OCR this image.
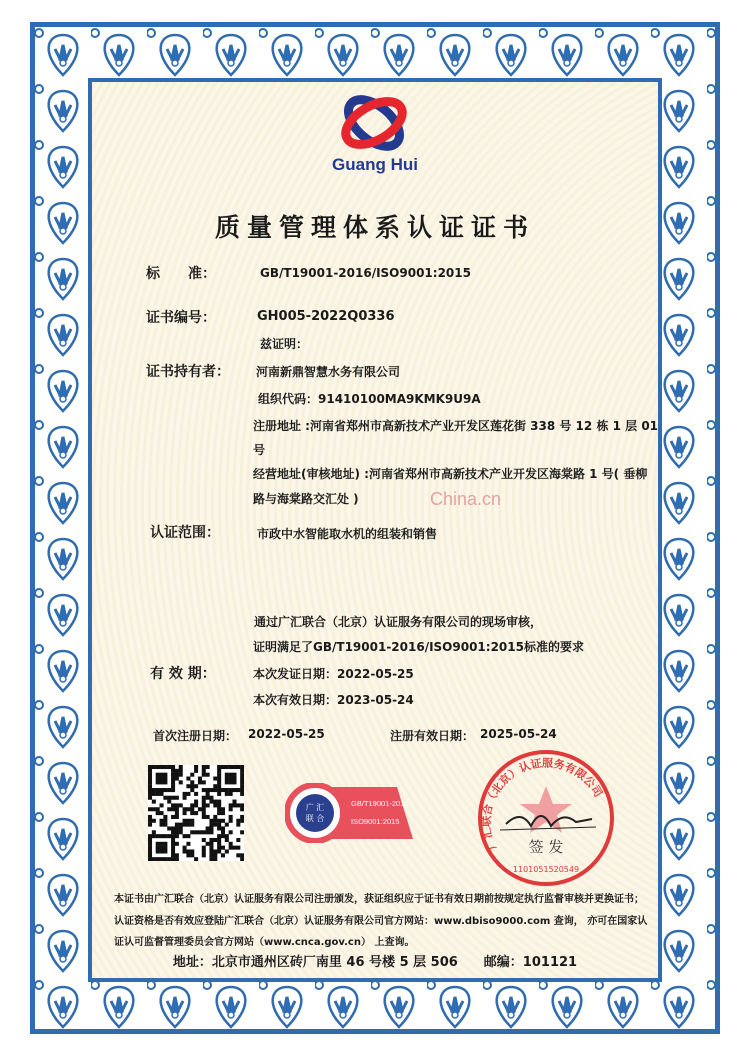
Guang Hui
质量管理体系认证证书
标　　准：	GB/T19001-2016/ISO9001:2015
证书编号：	GH005-2022Q0336
兹证明：
证书持有者： 河南新鼎智慧水务有限公司
组织代码：91410100MA9KMK9U9A
注册地址 :河南省郑州市高新技术产业开发区莲花街 338 号 12 栋 1 层 01
号
经营地址(审核地址) :河南省郑州市高新技术产业开发区海棠路 1 号( 垂柳
路与海棠路交汇处 )	China.cn
认证范围：	市政中水智能取水机的组装和销售
通过广汇联合（北京）认证服务有限公司的现场审核，
证明满足了GB/T19001-2016/ISO9001:2015标准的要求
有 效 期：	本次发证日期：2022-05-25
本次有效日期：2023-05-24
首次注册日期： 2022-05-25	注册有效日期： 2025-05-24
广 汇联 合
GB/T19001-2016
ISO9001:2015
广汇联合（北京）认证服务有限公司
签 发
1101051520549
本证书由广汇联合（北京）认证服务有限公司注册颁发，获证组织应于证书有效日期前按规定执行监督审核并更换证书；
认证资格是否有效应登陆广汇联合（北京）认证服务有限公司官方网站：www.dbiso9000.com 查询， 亦可在国家认
证认可监督管理委员会官方网站（www.cnca.gov.cn） 上查询。
地址：北京市通州区砖厂南里 46 号楼 5 层 506　　邮编：101121
